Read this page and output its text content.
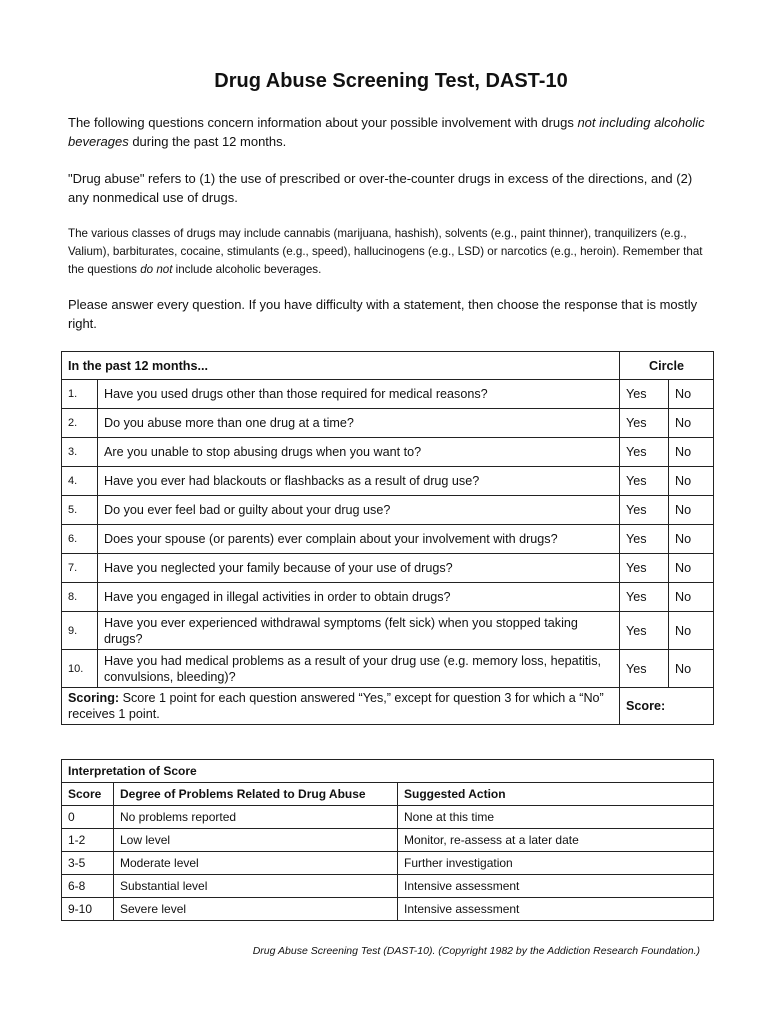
Drug Abuse Screening Test, DAST-10

The following questions concern information about your possible involvement with drugs not including alcoholic beverages during the past 12 months.

"Drug abuse" refers to (1) the use of prescribed or over-the-counter drugs in excess of the directions, and (2) any nonmedical use of drugs.

The various classes of drugs may include cannabis (marijuana, hashish), solvents (e.g., paint thinner), tranquilizers (e.g., Valium), barbiturates, cocaine, stimulants (e.g., speed), hallucinogens (e.g., LSD) or narcotics (e.g., heroin). Remember that the questions do not include alcoholic beverages.

Please answer every question. If you have difficulty with a statement, then choose the response that is mostly right.

In the past 12 months...		Circle	
1.	Have you used drugs other than those required for medical reasons?	Yes	No
2.	Do you abuse more than one drug at a time?	Yes	No
3.	Are you unable to stop abusing drugs when you want to?	Yes	No
4.	Have you ever had blackouts or flashbacks as a result of drug use?	Yes	No
5.	Do you ever feel bad or guilty about your drug use?	Yes	No
6.	Does your spouse (or parents) ever complain about your involvement with drugs?	Yes	No
7.	Have you neglected your family because of your use of drugs?	Yes	No
8.	Have you engaged in illegal activities in order to obtain drugs?	Yes	No
9.	Have you ever experienced withdrawal symptoms (felt sick) when you stopped taking drugs?	Yes	No
10.	Have you had medical problems as a result of your drug use (e.g. memory loss, hepatitis, convulsions, bleeding)?	Yes	No
Scoring: Score 1 point for each question answered “Yes,” except for question 3 for which a “No” receives 1 point.		Score:	
Interpretation of Score		
Score	Degree of Problems Related to Drug Abuse	Suggested Action
0	No problems reported	None at this time
1-2	Low level	Monitor, re-assess at a later date
3-5	Moderate level	Further investigation
6-8	Substantial level	Intensive assessment
9-10	Severe level	Intensive assessment
Drug Abuse Screening Test (DAST-10). (Copyright 1982 by the Addiction Research Foundation.)
